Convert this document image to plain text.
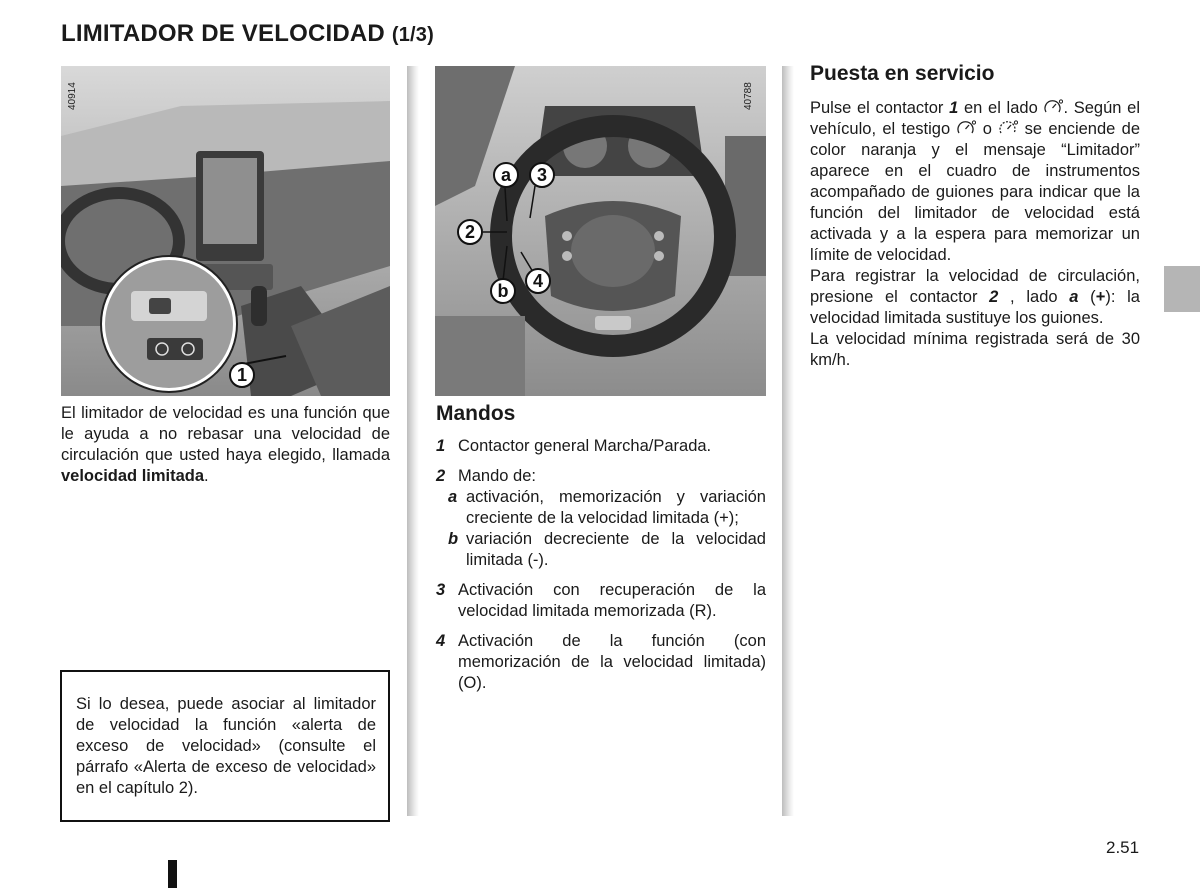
LIMITADOR DE VELOCIDAD (1/3)
40914
1
40788
a	3
2
4
b
El limitador de velocidad es una función que le ayuda a no rebasar una velocidad de circulación que usted haya elegido, llamada velocidad limitada.
Si lo desea, puede asociar al limitador de velocidad la función «alerta de exceso de velocidad» (consulte el párrafo «Alerta de exceso de velocidad» en el capítulo 2).
Mandos
1 Contactor general Marcha/Parada.
2 Mando de:
a activación, memorización y variación creciente de la velocidad limitada (+);
b variación decreciente de la velocidad limitada (-).
3 Activación con recuperación de la velocidad limitada memorizada (R).
4 Activación de la función (con memorización de la velocidad limitada) (O).
Puesta en servicio

Pulse el contactor 1 en el lado . Según el vehículo, el testigo  o  se enciende de color naranja y el mensaje “Limitador” aparece en el cuadro de instrumentos acompañado de guiones para indicar que la función del limitador de velocidad está activada y a la espera para memorizar un límite de velocidad.

Para registrar la velocidad de circulación, presione el contactor 2 , lado a (+): la velocidad limitada sustituye los guiones.

La velocidad mínima registrada será de 30 km/h.

2.51
